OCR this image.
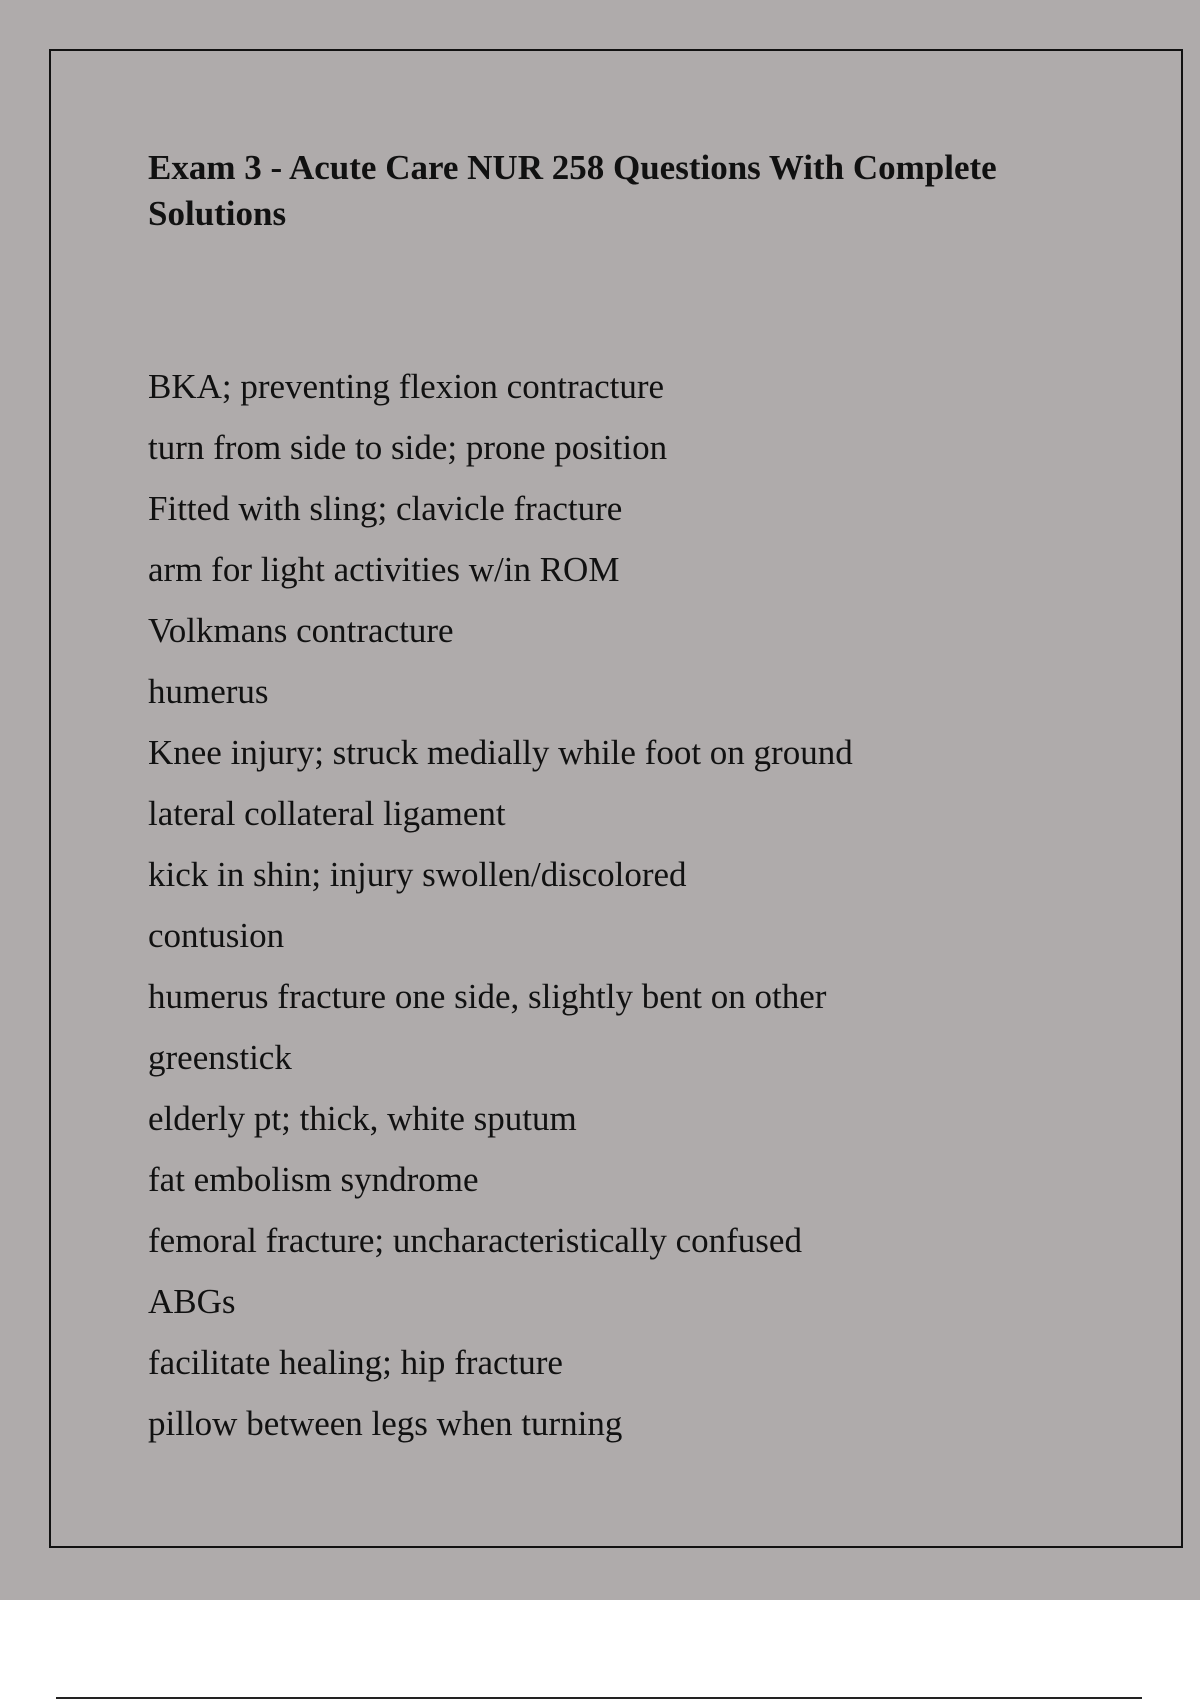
Exam 3 - Acute Care NUR 258 Questions With Complete Solutions
BKA; preventing flexion contracture
turn from side to side; prone position
Fitted with sling; clavicle fracture
arm for light activities w/in ROM
Volkmans contracture
humerus
Knee injury; struck medially while foot on ground
lateral collateral ligament
kick in shin; injury swollen/discolored
contusion
humerus fracture one side, slightly bent on other
greenstick
elderly pt; thick, white sputum
fat embolism syndrome
femoral fracture; uncharacteristically confused
ABGs
facilitate healing; hip fracture
pillow between legs when turning
